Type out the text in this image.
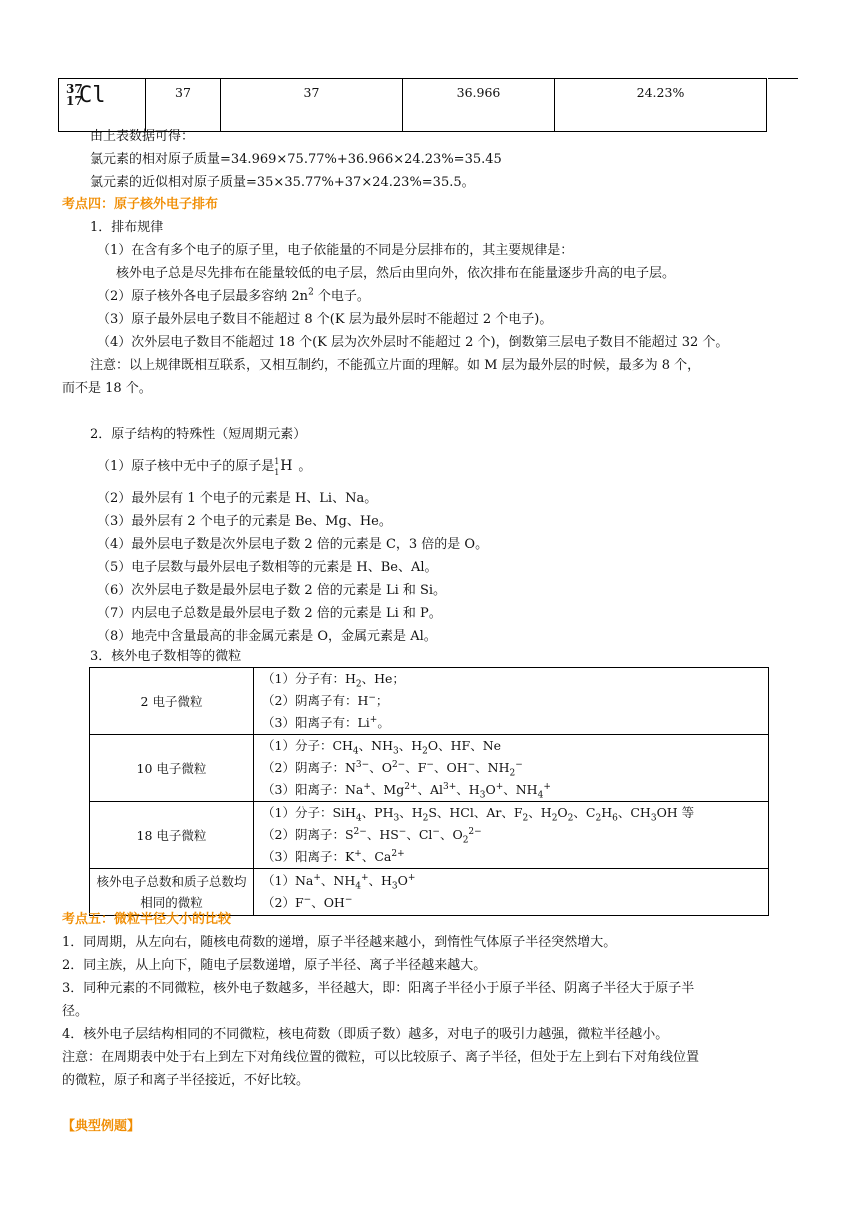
37
17
Cl	37	37	36.966	24.23%
由上表数据可得：
氯元素的相对原子质量=34.969×75.77%+36.966×24.23%=35.45
氯元素的近似相对原子质量=35×35.77%+37×24.23%=35.5。
考点四：原子核外电子排布
1．排布规律
（1）在含有多个电子的原子里，电子依能量的不同是分层排布的，其主要规律是：
核外电子总是尽先排布在能量较低的电子层，然后由里向外，依次排布在能量逐步升高的电子层。
（2）原子核外各电子层最多容纳 $2n^2$ 个电子。
（3）原子最外层电子数目不能超过 8 个(K 层为最外层时不能超过 2 个电子)。
（4）次外层电子数目不能超过 18 个(K 层为次外层时不能超过 2 个)，倒数第三层电子数目不能超过 32 个。
注意：以上规律既相互联系，又相互制约，不能孤立片面的理解。如 M 层为最外层的时候，最多为 8 个，
而不是 18 个。
2．原子结构的特殊性（短周期元素）
（1）原子核中无中子的原子是 1
1 H 。
（2）最外层有 1 个电子的元素是 H、Li、Na。
（3）最外层有 2 个电子的元素是 Be、Mg、He。
（4）最外层电子数是次外层电子数 2 倍的元素是 C，3 倍的是 O。
（5）电子层数与最外层电子数相等的元素是 H、Be、Al。
（6）次外层电子数是最外层电子数 2 倍的元素是 Li 和 Si。
（7）内层电子总数是最外层电子数 2 倍的元素是 Li 和 P。
（8）地壳中含量最高的非金属元素是 O，金属元素是 Al。
3．核外电子数相等的微粒
2 电子微粒	（1）分子有：$H_2$、He；
（2）阴离子有：H−；
（3）阳离子有：Li+。

10 电子微粒	（1）分子：$CH_4$、$NH_3$、$H_2O$、HF、Ne
（2）阴离子：$N^{3-}$、$O^{2-}$、F−、OH−、$NH_2^-$
（3）阳离子：Na+、$Mg^{2+}$、$Al^{3+}$、$H_3O^+$、$NH_4^+$

18 电子微粒	（1）分子：SiH$_4$、$PH_3$、$H_2S$、HCl、Ar、$F_2$、$H_2O_2$、$C_2H_6$、$CH_3OH$ 等
（2）阴离子：$S^{2-}$、HS−、Cl−、$O_2^{2-}$
（3）阳离子：K+、$Ca^{2+}$

核外电子总数和质子总数均相同的微粒	（1）Na+、$NH_4^+$、$H_3O^+$
（2）F−、OH−
考点五：微粒半径大小的比较
1．同周期，从左向右，随核电荷数的递增，原子半径越来越小，到惰性气体原子半径突然增大。
2．同主族，从上向下，随电子层数递增，原子半径、离子半径越来越大。
3．同种元素的不同微粒，核外电子数越多，半径越大，即：阳离子半径小于原子半径、阴离子半径大于原子半
径。
4．核外电子层结构相同的不同微粒，核电荷数（即质子数）越多，对电子的吸引力越强，微粒半径越小。
注意：在周期表中处于右上到左下对角线位置的微粒，可以比较原子、离子半径，但处于左上到右下对角线位置
的微粒，原子和离子半径接近，不好比较。
【典型例题】
